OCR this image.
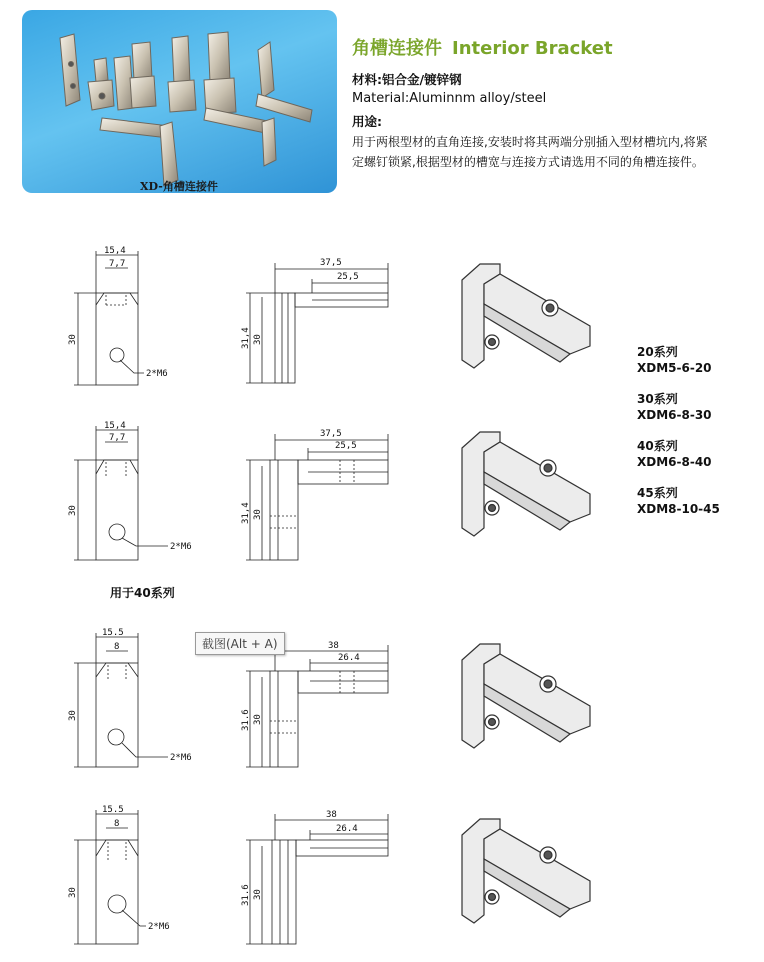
XD-角槽连接件
角槽连接件 Interior Bracket
材料:铝合金/镀锌钢
Material:Aluminnm alloy/steel
用途:
用于两根型材的直角连接,安装时将其两端分别插入型材槽坑内,将紧
定螺钉锁紧,根据型材的槽宽与连接方式请选用不同的角槽连接件。
20系列
XDM5-6-20
30系列
XDM6-8-30
40系列
XDM6-8-40
45系列
XDM8-10-45
用于40系列
15,4
7,7
30
2*M6
37,5
25,5
31,4 30
15,4
7,7
30
2*M6
37,5
25,5
31,4 30
15.5
8
30
2*M6
38
26.4
31.6 30
15.5
8
30
2*M6
38
26.4
31.6 30
截图(Alt + A)
